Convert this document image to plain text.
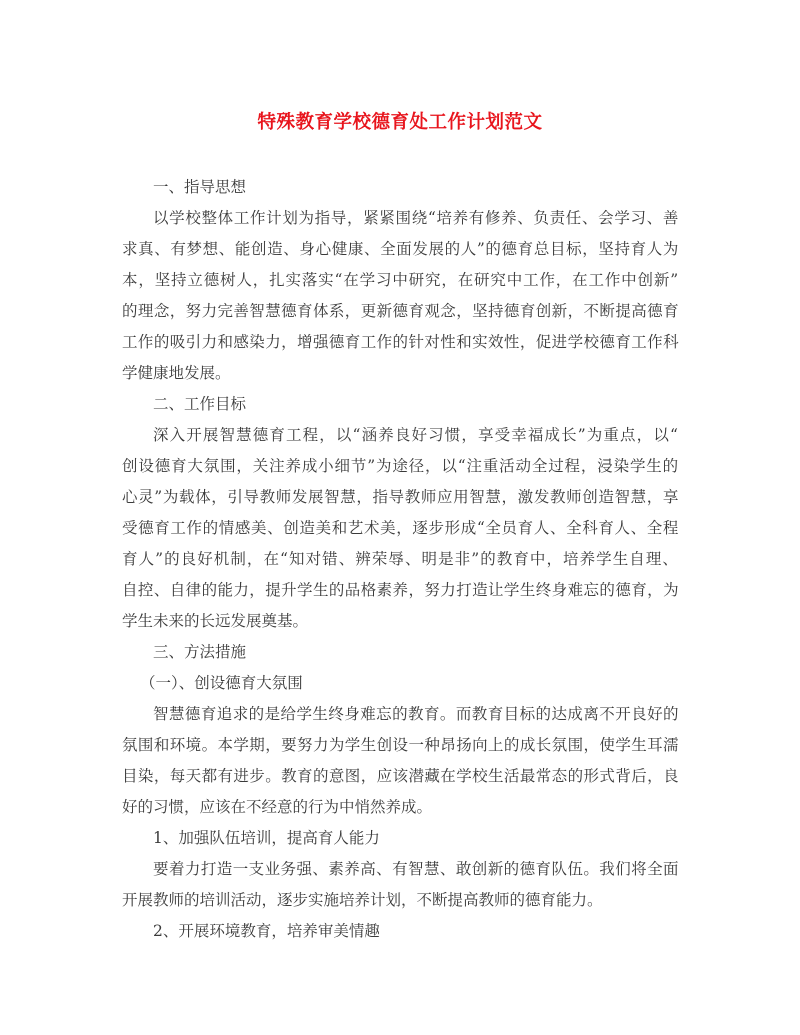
特殊教育学校德育处工作计划范文
一、指导思想
以学校整体工作计划为指导，紧紧围绕“培养有修养、负责任、会学习、善
求真、有梦想、能创造、身心健康、全面发展的人”的德育总目标，坚持育人为
本，坚持立德树人，扎实落实“在学习中研究，在研究中工作，在工作中创新”
的理念，努力完善智慧德育体系，更新德育观念，坚持德育创新，不断提高德育
工作的吸引力和感染力，增强德育工作的针对性和实效性，促进学校德育工作科
学健康地发展。
二、工作目标
深入开展智慧德育工程，以“涵养良好习惯，享受幸福成长”为重点，以“
创设德育大氛围，关注养成小细节”为途径，以“注重活动全过程，浸染学生的
心灵”为载体，引导教师发展智慧，指导教师应用智慧，激发教师创造智慧，享
受德育工作的情感美、创造美和艺术美，逐步形成“全员育人、全科育人、全程
育人”的良好机制，在“知对错、辨荣辱、明是非”的教育中，培养学生自理、
自控、自律的能力，提升学生的品格素养，努力打造让学生终身难忘的德育，为
学生未来的长远发展奠基。
三、方法措施
（一）、创设德育大氛围
智慧德育追求的是给学生终身难忘的教育。而教育目标的达成离不开良好的
氛围和环境。本学期，要努力为学生创设一种昂扬向上的成长氛围，使学生耳濡
目染，每天都有进步。教育的意图，应该潜藏在学校生活最常态的形式背后，良
好的习惯，应该在不经意的行为中悄然养成。
1、加强队伍培训，提高育人能力
要着力打造一支业务强、素养高、有智慧、敢创新的德育队伍。我们将全面
开展教师的培训活动，逐步实施培养计划，不断提高教师的德育能力。
2、开展环境教育，培养审美情趣
